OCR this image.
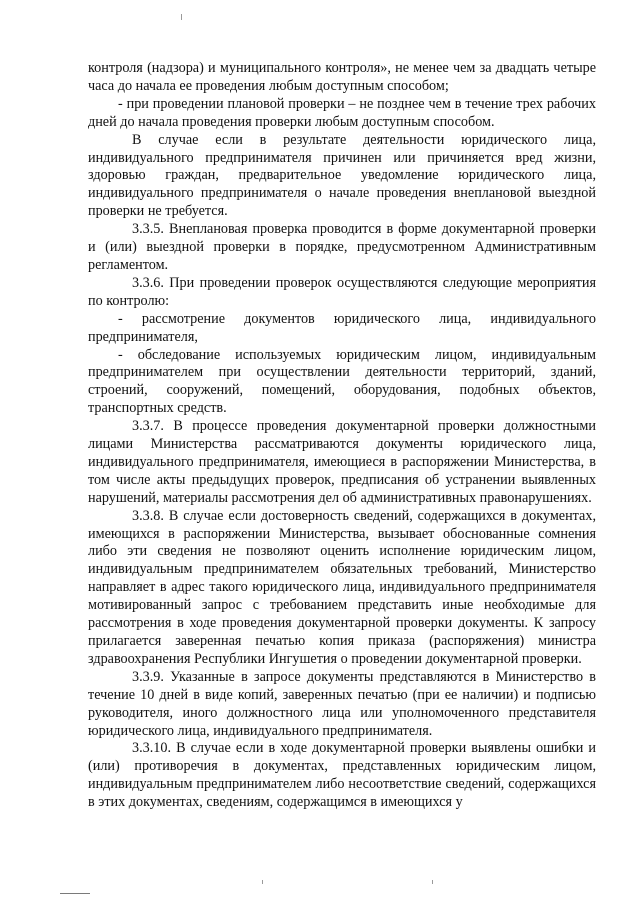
контроля (надзора) и муниципального контроля», не менее чем за двадцать четыре часа до начала ее проведения любым доступным способом;

- при проведении плановой проверки – не позднее чем в течение трех рабочих дней до начала проведения проверки любым доступным способом.

В случае если в результате деятельности юридического лица, индивидуального предпринимателя причинен или причиняется вред жизни, здоровью граждан, предварительное уведомление юридического лица, индивидуального предпринимателя о начале проведения внеплановой выездной проверки не требуется.

3.3.5. Внеплановая проверка проводится в форме документарной проверки и (или) выездной проверки в порядке, предусмотренном Административным регламентом.

3.3.6. При проведении проверок осуществляются следующие мероприятия по контролю:

- рассмотрение документов юридического лица, индивидуального предпринимателя,

- обследование используемых юридическим лицом, индивидуальным предпринимателем при осуществлении деятельности территорий, зданий, строений, сооружений, помещений, оборудования, подобных объектов, транспортных средств.

3.3.7. В процессе проведения документарной проверки должностными лицами Министерства рассматриваются документы юридического лица, индивидуального предпринимателя, имеющиеся в распоряжении Министерства, в том числе акты предыдущих проверок, предписания об устранении выявленных нарушений, материалы рассмотрения дел об административных правонарушениях.

3.3.8. В случае если достоверность сведений, содержащихся в документах, имеющихся в распоряжении Министерства, вызывает обоснованные сомнения либо эти сведения не позволяют оценить исполнение юридическим лицом, индивидуальным предпринимателем обязательных требований, Министерство направляет в адрес такого юридического лица, индивидуального предпринимателя мотивированный запрос с требованием представить иные необходимые для рассмотрения в ходе проведения документарной проверки документы. К запросу прилагается заверенная печатью копия приказа (распоряжения) министра здравоохранения Республики Ингушетия о проведении документарной проверки.

3.3.9. Указанные в запросе документы представляются в Министерство в течение 10 дней в виде копий, заверенных печатью (при ее наличии) и подписью руководителя, иного должностного лица или уполномоченного представителя юридического лица, индивидуального предпринимателя.

3.3.10. В случае если в ходе документарной проверки выявлены ошибки и (или) противоречия в документах, представленных юридическим лицом, индивидуальным предпринимателем либо несоответствие сведений, содержащихся в этих документах, сведениям, содержащимся в имеющихся у
